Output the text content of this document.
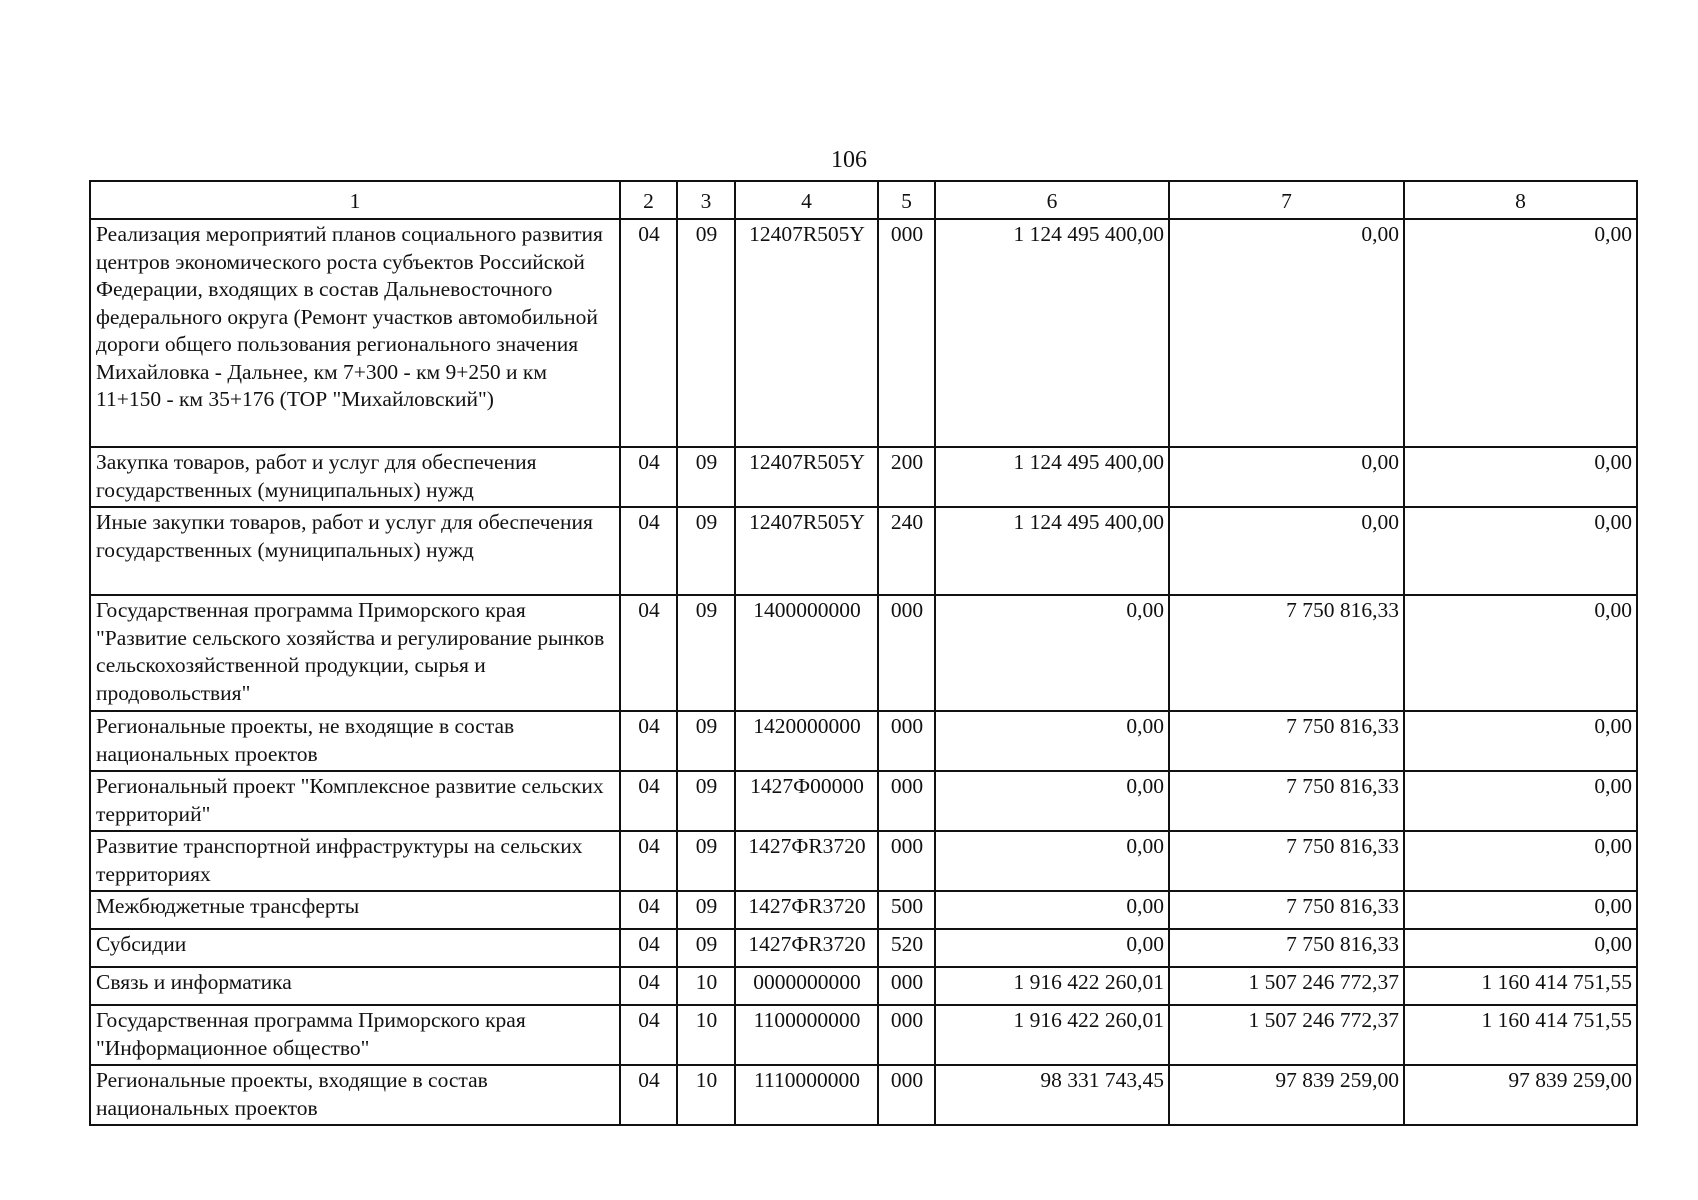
106
1	2	3	4	5	6	7	8
Реализация мероприятий планов социального развития центров экономического роста субъектов Российской Федерации, входящих в состав Дальневосточного федерального округа (Ремонт участков автомобильной дороги общего пользования регионального значения Михайловка - Дальнее, км 7+300 - км 9+250 и км 11+150 - км 35+176 (ТОР "Михайловский")	04	09	12407R505Y	000	1 124 495 400,00	0,00	0,00
Закупка товаров, работ и услуг для обеспечения государственных (муниципальных) нужд	04	09	12407R505Y	200	1 124 495 400,00	0,00	0,00
Иные закупки товаров, работ и услуг для обеспечения государственных (муниципальных) нужд	04	09	12407R505Y	240	1 124 495 400,00	0,00	0,00
Государственная программа Приморского края "Развитие сельского хозяйства и регулирование рынков сельскохозяйственной продукции, сырья и продовольствия"	04	09	1400000000	000	0,00	7 750 816,33	0,00
Региональные проекты, не входящие в состав национальных проектов	04	09	1420000000	000	0,00	7 750 816,33	0,00
Региональный проект "Комплексное развитие сельских территорий"	04	09	1427Ф00000	000	0,00	7 750 816,33	0,00
Развитие транспортной инфраструктуры на сельских территориях	04	09	1427ФR3720	000	0,00	7 750 816,33	0,00
Межбюджетные трансферты	04	09	1427ФR3720	500	0,00	7 750 816,33	0,00
Субсидии	04	09	1427ФR3720	520	0,00	7 750 816,33	0,00
Связь и информатика	04	10	0000000000	000	1 916 422 260,01	1 507 246 772,37	1 160 414 751,55
Государственная программа Приморского края "Информационное общество"	04	10	1100000000	000	1 916 422 260,01	1 507 246 772,37	1 160 414 751,55
Региональные проекты, входящие в состав национальных проектов	04	10	1110000000	000	98 331 743,45	97 839 259,00	97 839 259,00
